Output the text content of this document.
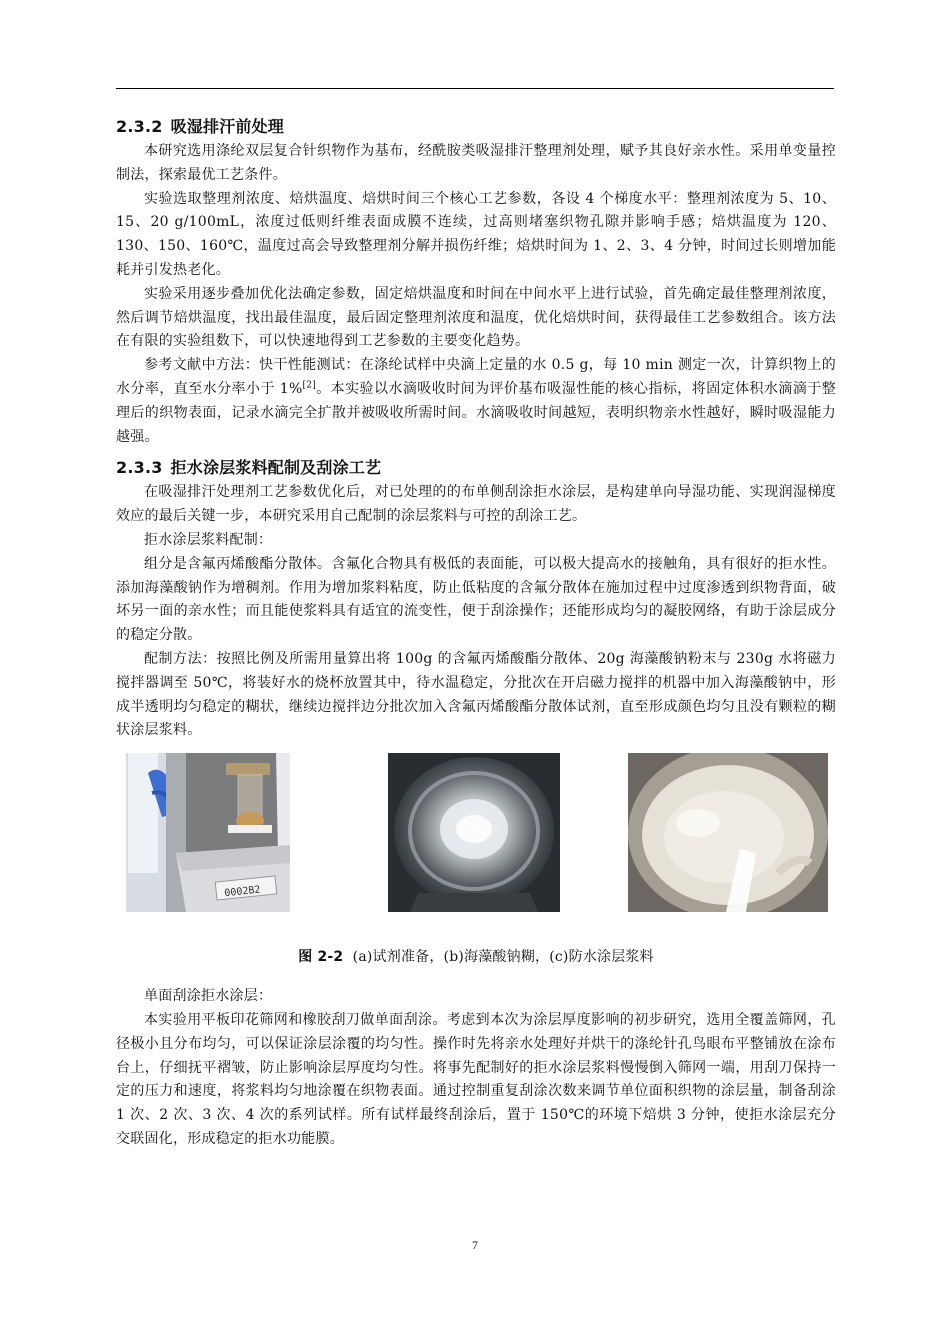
2.3.2 吸湿排汗前处理

本研究选用涤纶双层复合针织物作为基布，经酰胺类吸湿排汗整理剂处理，赋予其良好亲水性。采用单变量控制法，探索最优工艺条件。

实验选取整理剂浓度、焙烘温度、焙烘时间三个核心工艺参数，各设 4 个梯度水平：整理剂浓度为 5、10、15、20 g/100mL，浓度过低则纤维表面成膜不连续，过高则堵塞织物孔隙并影响手感；焙烘温度为 120、130、150、160℃，温度过高会导致整理剂分解并损伤纤维；焙烘时间为 1、2、3、4 分钟，时间过长则增加能耗并引发热老化。

实验采用逐步叠加优化法确定参数，固定焙烘温度和时间在中间水平上进行试验，首先确定最佳整理剂浓度，然后调节焙烘温度，找出最佳温度，最后固定整理剂浓度和温度，优化焙烘时间，获得最佳工艺参数组合。该方法在有限的实验组数下，可以快速地得到工艺参数的主要变化趋势。

参考文献中方法：快干性能测试：在涤纶试样中央滴上定量的水 0.5 g，每 10 min 测定一次，计算织物上的水分率，直至水分率小于 1%[2]。本实验以水滴吸收时间为评价基布吸湿性能的核心指标，将固定体积水滴滴于整理后的织物表面，记录水滴完全扩散并被吸收所需时间。水滴吸收时间越短，表明织物亲水性越好，瞬时吸湿能力越强。

2.3.3 拒水涂层浆料配制及刮涂工艺

在吸湿排汗处理剂工艺参数优化后，对已处理的的布单侧刮涂拒水涂层，是构建单向导湿功能、实现润湿梯度效应的最后关键一步，本研究采用自己配制的涂层浆料与可控的刮涂工艺。

拒水涂层浆料配制：

组分是含氟丙烯酸酯分散体。含氟化合物具有极低的表面能，可以极大提高水的接触角，具有很好的拒水性。添加海藻酸钠作为增稠剂。作用为增加浆料粘度，防止低粘度的含氟分散体在施加过程中过度渗透到织物背面，破坏另一面的亲水性；而且能使浆料具有适宜的流变性，便于刮涂操作；还能形成均匀的凝胶网络，有助于涂层成分的稳定分散。

配制方法：按照比例及所需用量算出将 100g 的含氟丙烯酸酯分散体、20g 海藻酸钠粉末与 230g 水将磁力搅拌器调至 50℃，将装好水的烧杯放置其中，待水温稳定，分批次在开启磁力搅拌的机器中加入海藻酸钠中，形成半透明均匀稳定的糊状，继续边搅拌边分批次加入含氟丙烯酸酯分散体试剂，直至形成颜色均匀且没有颗粒的糊状涂层浆料。

0002B2
图 2-2 (a)试剂准备，(b)海藻酸钠糊，(c)防水涂层浆料

单面刮涂拒水涂层：

本实验用平板印花筛网和橡胶刮刀做单面刮涂。考虑到本次为涂层厚度影响的初步研究，选用全覆盖筛网，孔径极小且分布均匀，可以保证涂层涂覆的均匀性。操作时先将亲水处理好并烘干的涤纶针孔鸟眼布平整铺放在涂布台上，仔细抚平褶皱，防止影响涂层厚度均匀性。将事先配制好的拒水涂层浆料慢慢倒入筛网一端，用刮刀保持一定的压力和速度，将浆料均匀地涂覆在织物表面。通过控制重复刮涂次数来调节单位面积织物的涂层量，制备刮涂 1 次、2 次、3 次、4 次的系列试样。所有试样最终刮涂后，置于 150℃的环境下焙烘 3 分钟，使拒水涂层充分交联固化，形成稳定的拒水功能膜。

7
